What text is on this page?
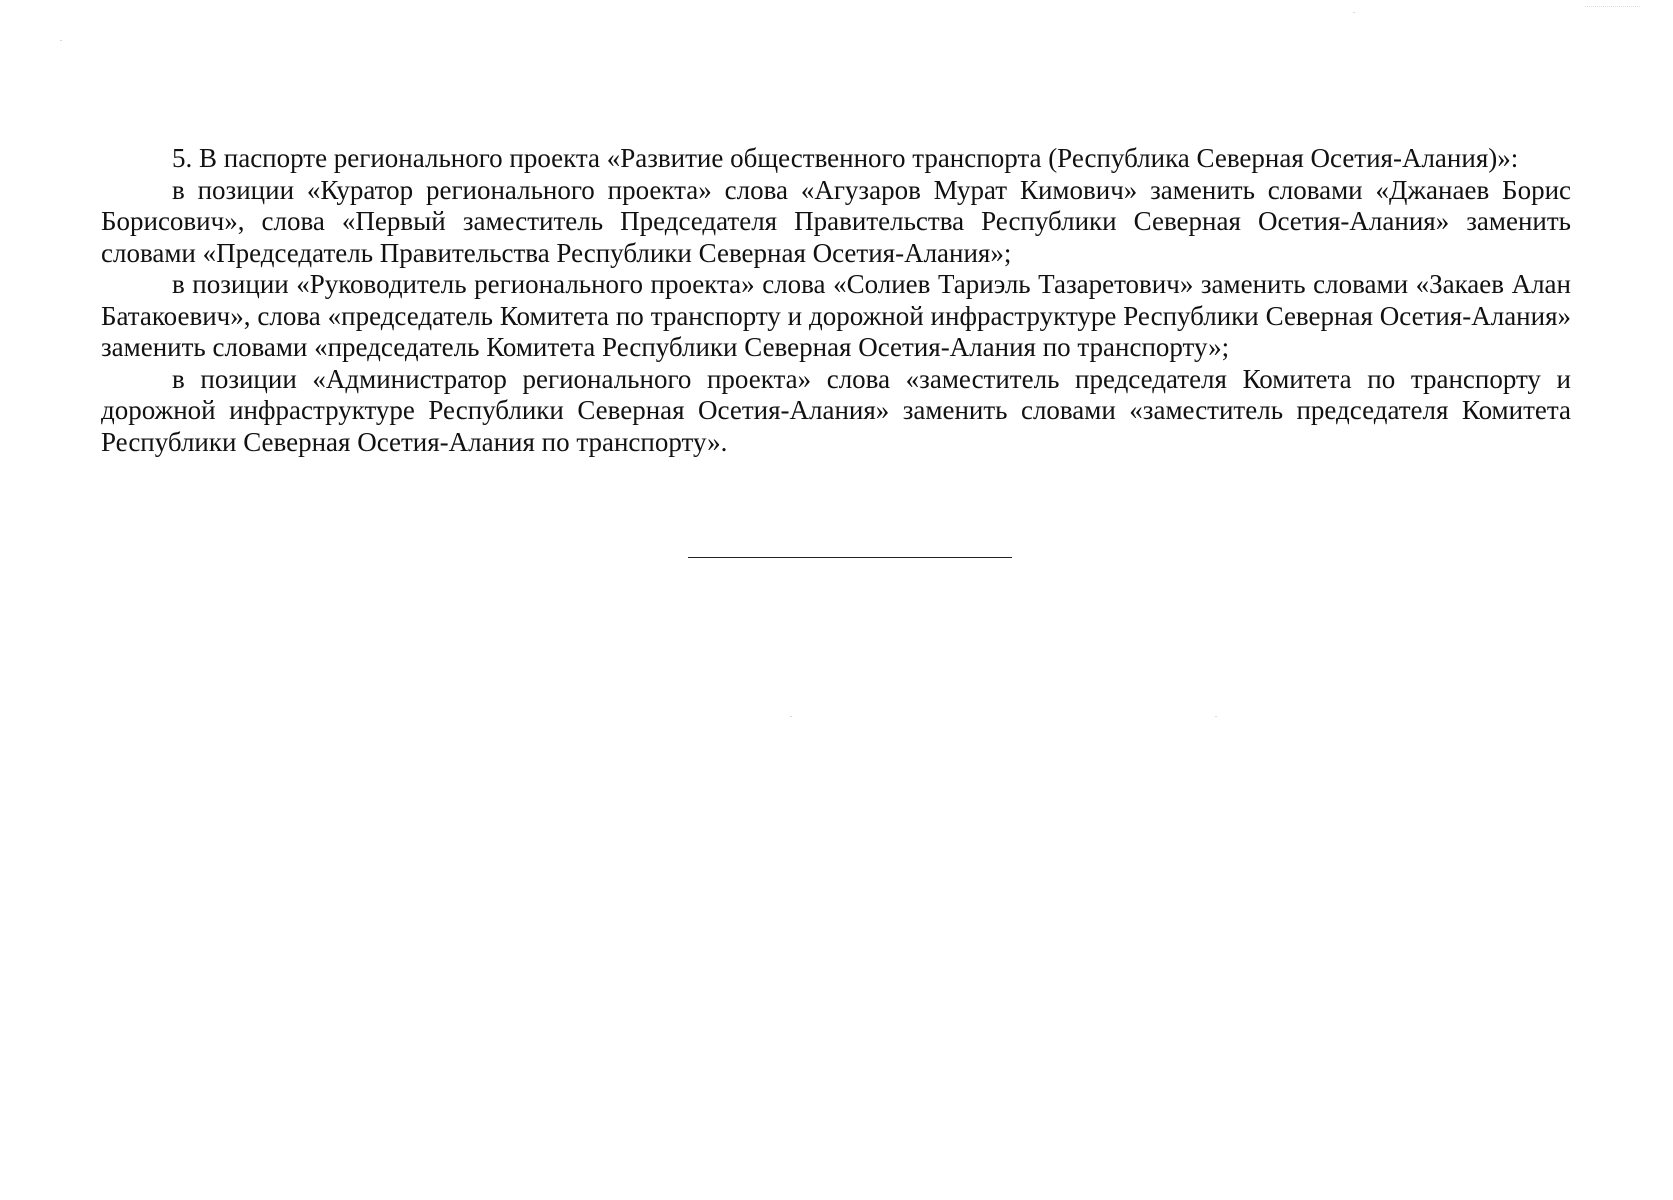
5. В паспорте регионального проекта «Развитие общественного транспорта (Республика Северная Осетия-Алания)»:

в позиции «Куратор регионального проекта» слова «Агузаров Мурат Кимович» заменить словами «Джанаев Борис Борисович», слова «Первый заместитель Председателя Правительства Республики Северная Осетия-Алания» заменить словами «Председатель Правительства Республики Северная Осетия-Алания»;

в позиции «Руководитель регионального проекта» слова «Солиев Тариэль Тазаретович» заменить словами «Закаев Алан Батакоевич», слова «председатель Комитета по транспорту и дорожной инфраструктуре Республики Северная Осетия-Алания» заменить словами «председатель Комитета Республики Северная Осетия-Алания по транспорту»;

в позиции «Администратор регионального проекта» слова «заместитель председателя Комитета по транспорту и дорожной инфраструктуре Республики Северная Осетия-Алания» заменить словами «заместитель председателя Комитета Республики Северная Осетия-Алания по транспорту».
